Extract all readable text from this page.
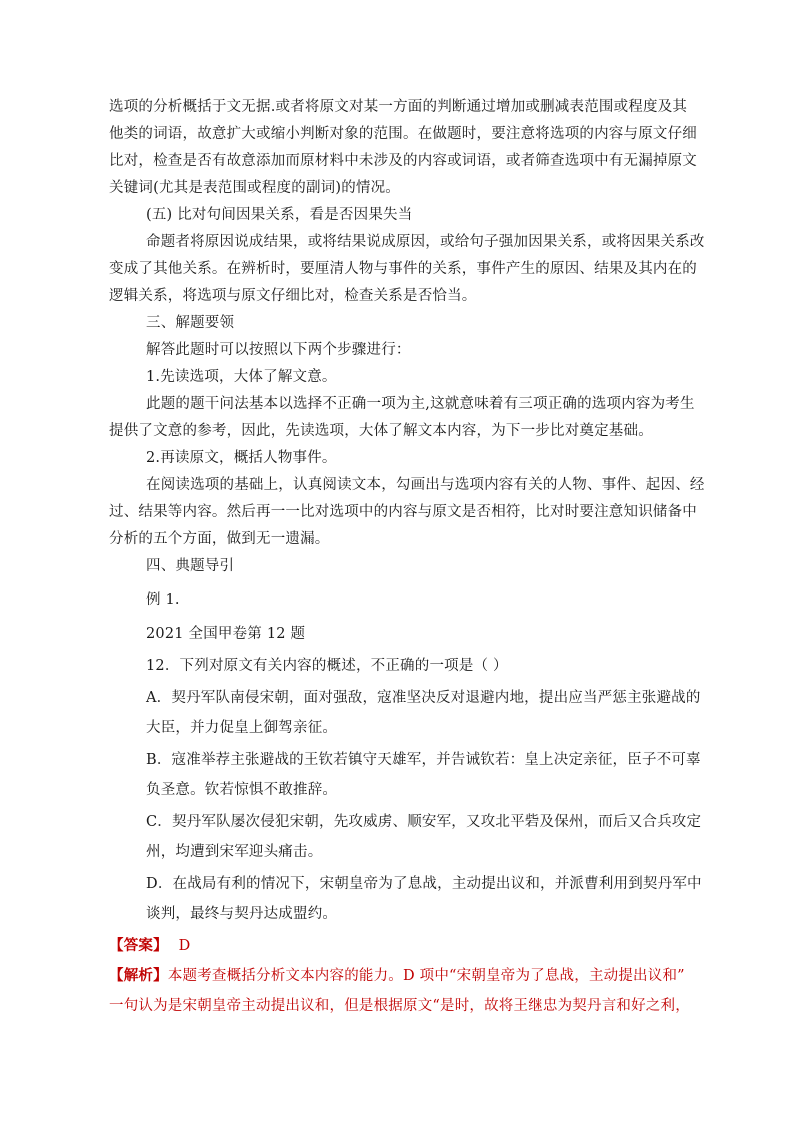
选项的分析概括于文无据.或者将原文对某一方面的判断通过增加或删减表范围或程度及其
他类的词语，故意扩大或缩小判断对象的范围。在做题时，要注意将选项的内容与原文仔细
比对，检查是否有故意添加而原材料中未涉及的内容或词语，或者筛查选项中有无漏掉原文
关键词(尤其是表范围或程度的副词)的情况。
(五) 比对句间因果关系，看是否因果失当
命题者将原因说成结果，或将结果说成原因，或给句子强加因果关系，或将因果关系改
变成了其他关系。在辨析时，要厘清人物与事件的关系，事件产生的原因、结果及其内在的
逻辑关系，将选项与原文仔细比对，检查关系是否恰当。
三、解题要领
解答此题时可以按照以下两个步骤进行：
1.先读选项，大体了解文意。
此题的题干问法基本以选择不正确一项为主,这就意味着有三项正确的选项内容为考生
提供了文意的参考，因此，先读选项，大体了解文本内容，为下一步比对奠定基础。
2.再读原文，概括人物事件。
在阅读选项的基础上，认真阅读文本，勾画出与选项内容有关的人物、事件、起因、经
过、结果等内容。然后再一一比对选项中的内容与原文是否相符，比对时要注意知识储备中
分析的五个方面，做到无一遗漏。
四、典题导引
例 1.
2021 全国甲卷第 12 题
12．下列对原文有关内容的概述，不正确的一项是（ ）
A．契丹军队南侵宋朝，面对强敌，寇准坚决反对退避内地，提出应当严惩主张避战的
大臣，并力促皇上御驾亲征。
B．寇准举荐主张避战的王钦若镇守天雄军，并告诫钦若：皇上决定亲征，臣子不可辜
负圣意。钦若惊惧不敢推辞。
C．契丹军队屡次侵犯宋朝，先攻威虏、顺安军，又攻北平砦及保州，而后又合兵攻定
州，均遭到宋军迎头痛击。
D．在战局有利的情况下，宋朝皇帝为了息战，主动提出议和，并派曹利用到契丹军中
谈判，最终与契丹达成盟约。
【答案】 D
【解析】本题考查概括分析文本内容的能力。D 项中“宋朝皇帝为了息战，主动提出议和”
一句认为是宋朝皇帝主动提出议和，但是根据原文“是时，故将王继忠为契丹言和好之利，
